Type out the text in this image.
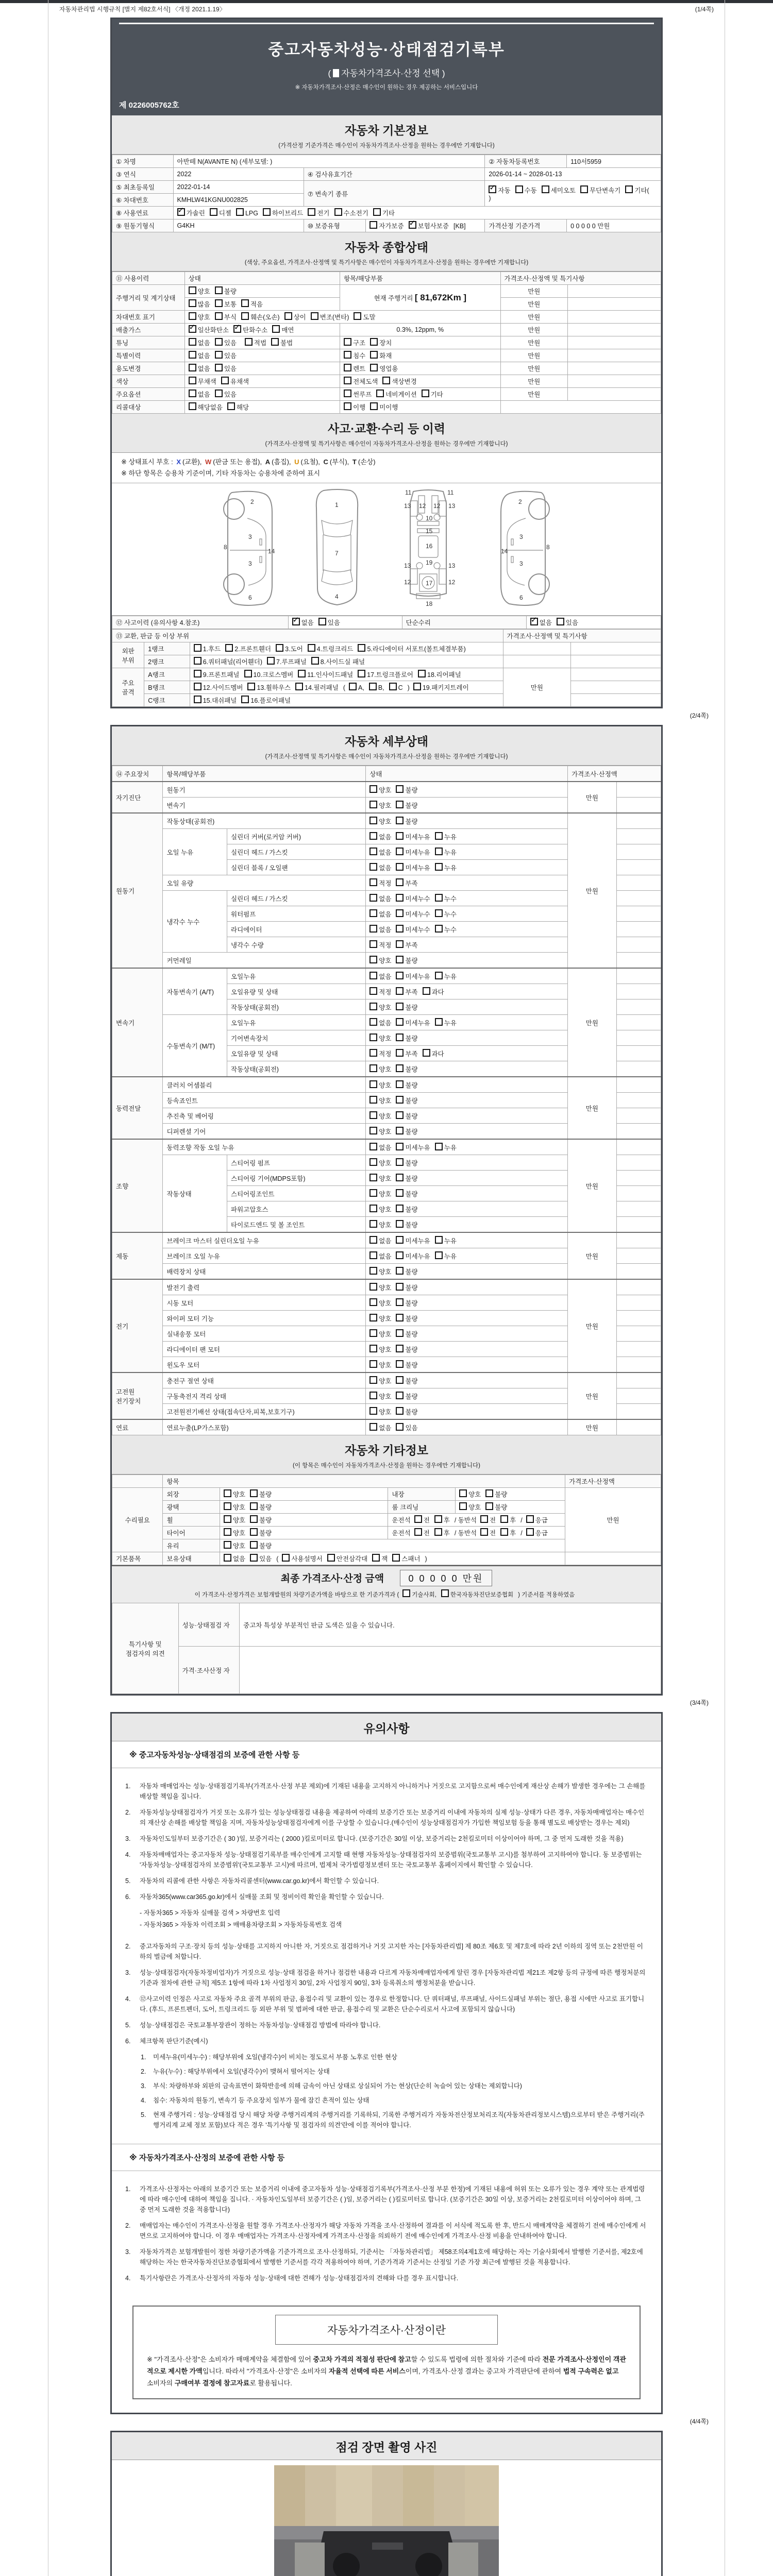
자동차관리법 시행규칙 [별지 제82호서식] 〈개정 2021.1.19〉	(1/4쪽)
중고자동차성능·상태점검기록부
( 자동차가격조사·산정 선택 )
※ 자동차가격조사·산정은 매수인이 원하는 경우 제공하는 서비스입니다
제 0226005762호
자동차 기본정보
(가격산정 기준가격은 매수인이 자동차가격조사·산정을 원하는 경우에만 기재합니다)
① 차명	아반떼 N(AVANTE N) (세부모델: )			② 자동차등록번호	110서5959
③ 연식	2022	④ 검사유효기간		2026-01-14 ~ 2028-01-13	
⑤ 최초등록일	2022-01-14	⑦ 변속기 종류	✓자동 수동 세미오토 무단변속기 기타( )
⑥ 차대번호	KMHLW41KGNU002825				
⑧ 사용연료	✓가솔린 디젤 LPG 하이브리드 전기 수소전기 기타
⑨ 원동기형식	G4KH	⑩ 보증유형	자가보증 ✓ 보험사보증 [KB]	가격산정 기준가격	0 0 0 0 0 만원
자동차 종합상태
(색상, 주요옵션, 가격조사·산정액 및 특기사항은 매수인이 자동차가격조사·산정을 원하는 경우에만 기재합니다)
⑪ 사용이력	상태	항목/해당부품	가격조사·산정액 및 특기사항	
주행거리 및 계기상태	양호 불량	현재 주행거리 [ 81,672Km ]	만원	
	많음 보통 적음		만원	
차대번호 표기	양호 부식 훼손(오손) 상이 변조(변타) 도말		만원	
배출가스	✓일산화탄소 ✓ 탄화수소 매연	0.3%, 12ppm, %	만원	
튜닝	없음 있음 적법 불법	구조 장치	만원	
특별이력	없음 있음	침수 화재	만원	
용도변경	없음 있음	렌트 영업용	만원	
색상	무채색 유채색	전체도색 색상변경	만원	
주요옵션	없음 있음	썬루프 네비게이션 기타	만원	
리콜대상	해당없음 해당	이행 미이행		
사고·교환·수리 등 이력
(가격조사·산정액 및 특기사항은 매수인이 자동차가격조사·산정을 원하는 경우에만 기재합니다)
※ 상태표시 부호 : X (교환), W (판금 또는 용접), A (흠집), U (요철), C (부식), T (손상)
※ 하단 항목은 승용차 기준이며, 기타 자동차는 승용차에 준하여 표시
2
3
14
3
8
6
1
7
4
11	11
13 12 12 13
10
15
16
13 19	13
12 17	12
18
2
3
14
3
8
6
⑫ 사고이력 (유의사항 4.참조)	✓없음 있음	단순수리	✓없음 있음
⑬ 교환, 판금 등 이상 부위			가격조사·산정액 및 특기사항	
외판 부위	1랭크	1.후드 2.프론트휀더 3.도어 4.트렁크리드 5.라디에이터 서포트(볼트체결부품)		
	2랭크	6.쿼터패널(리어휀더) 7.루프패널 8.사이드실 패널		
주요 골격	A랭크	9.프론트패널 10.크로스멤버 11.인사이드패널 17.트렁크플로어 18.리어패널	만원	
	B랭크	12.사이드멤버 13.휠하우스 14.필러패널 ( A, B, C ) 19.패키지트레이		
	C랭크	15.대쉬패널 16.플로어패널		
(2/4쪽)
자동차 세부상태
(가격조사·산정액 및 특기사항은 매수인이 자동차가격조사·산정을 원하는 경우에만 기재합니다)
⑭ 주요장치	항목/해당부품		상태	가격조사·산정액	
자기진단	원동기		양호 불량	만원	
	변속기		양호 불량		
원동기	작동상태(공회전)		양호 불량	만원	
	오일 누유	실린더 커버(로커암 커버)	없음 미세누유 누유		
		실린더 헤드 / 가스킷	없음 미세누유 누유		
		실린더 블록 / 오일팬	없음 미세누유 누유		
	오일 유량		적정 부족		
	냉각수 누수	실린더 헤드 / 가스킷	없음 미세누수 누수		
		워터펌프	없음 미세누수 누수		
		라디에이터	없음 미세누수 누수		
		냉각수 수량	적정 부족		
	커먼레일		양호 불량		
변속기	자동변속기 (A/T)	오일누유	없음 미세누유 누유	만원	
		오일유량 및 상태	적정 부족 과다		
		작동상태(공회전)	양호 불량		
	수동변속기 (M/T)	오일누유	없음 미세누유 누유		
		기어변속장치	양호 불량		
		오일유량 및 상태	적정 부족 과다		
		작동상태(공회전)	양호 불량		
동력전달	클러치 어셈블리		양호 불량	만원	
	등속죠인트		양호 불량		
	추진축 및 베어링		양호 불량		
	디퍼렌셜 기어		양호 불량		
조향	동력조향 작동 오일 누유		없음 미세누유 누유	만원	
	작동상태	스티어링 펌프	양호 불량		
		스티어링 기어(MDPS포함)	양호 불량		
		스티어링조인트	양호 불량		
		파워고압호스	양호 불량		
		타이로드엔드 및 볼 조인트	양호 불량		
제동	브레이크 마스터 실린더오일 누유		없음 미세누유 누유	만원	
	브레이크 오일 누유		없음 미세누유 누유		
	배력장치 상태		양호 불량		
전기	발전기 출력		양호 불량	만원	
	시동 모터		양호 불량		
	와이퍼 모터 기능		양호 불량		
	실내송풍 모터		양호 불량		
	라디에이터 팬 모터		양호 불량		
	윈도우 모터		양호 불량		
고전원 전기장치	충전구 절연 상태		양호 불량	만원	
	구동축전지 격리 상태		양호 불량		
	고전원전기배선 상태(접속단자,피복,보호기구)		양호 불량		
연료	연료누출(LP가스포함)		없음 있음	만원	
자동차 기타정보
(이 항목은 매수인이 자동차가격조사·산정을 원하는 경우에만 기재합니다)
	항목				가격조사·산정액
수리필요	외장	양호 불량	내장	양호 불량	만원
	광택	양호 불량	룸 크리닝	양호 불량	
	휠	양호 불량	운전석 전 후 / 동반석 전 후 / 응급		
	타이어	양호 불량	운전석 전 후 / 동반석 전 후 / 응급		
	유리	양호 불량			
기본품목	보유상태	없음 있음 ( 사용설명서 안전삼각대 잭 스패너 )			
최종 가격조사·산정 금액	0 0 0 0 0 만원
이 가격조사·산정가격은 보험개발원의 차량기준가액을 바탕으로 한 기준가격과 ( 기술사회, 한국자동차진단보증협회 ) 기준서를 적용하였음
특기사항 및 점검자의 의견	성능·상태점검 자	중고차 특성상 부분적인 판금 도색은 있을 수 있습니다.
	가격·조사산정 자	
(3/4쪽)
유의사항
※ 중고자동차성능·상태점검의 보증에 관한 사항 등
1.	자동차 매매업자는 성능·상태점검기록부(가격조사·산정 부분 제외)에 기재된 내용을 고지하지 아니하거나 거짓으로 고지함으로써 매수인에게 재산상 손해가 발생한 경우에는 그 손해를 배상할 책임을 집니다.
2.	자동차성능상태점검자가 거짓 또는 오류가 있는 성능상태점검 내용을 제공하여 아래의 보증기간 또는 보증거리 이내에 자동차의 실제 성능·상태가 다른 경우, 자동차매매업자는 매수인의 재산상 손해를 배상할 책임을 지며, 자동차성능상태점검자에게 이를 구상할 수 있습니다.(매수인이 성능상태점검자가 가입한 책임보험 등을 통해 별도로 배상받는 경우는 제외)
3.	자동차인도일부터 보증기간은 ( 30 )일, 보증거리는 ( 2000 )킬로미터로 합니다. (보증기간은 30일 이상, 보증거리는 2천킬로미터 이상이어야 하며, 그 중 먼저 도래한 것을 적용)
4.	자동차매매업자는 중고자동차 성능·상태점검기록부를 매수인에게 고지할 때 현행 자동차성능·상태점검자의 보증범위(국토교통부 고시)를 첨부하여 고지하여야 합니다. 동 보증범위는 '자동차성능·상태점검자의 보증범위'(국토교통부 고시)에 따르며, 법제처 국가법령정보센터 또는 국토교통부 홈페이지에서 확인할 수 있습니다.
5.	자동차의 리콜에 관한 사항은 자동차리콜센터(www.car.go.kr)에서 확인할 수 있습니다.
6.	자동차365(www.car365.go.kr)에서 실매물 조회 및 정비이력 확인을 확인할 수 있습니다.
- 자동차365 > 자동차 실매물 검색 > 차량번호 입력
- 자동차365 > 자동차 이력조회 > 매매용차량조회 > 자동차등록번호 검색
2.	중고자동차의 구조·장치 등의 성능·상태를 고지하지 아니한 자, 거짓으로 점검하거나 거짓 고지한 자는 [자동차관리법] 제 80조 제6호 및 제7호에 따라 2년 이하의 징역 또는 2천만원 이하의 벌금에 처합니다.
3.	성능·상태점검자(자동차정비업자)가 거짓으로 성능·상태 점검을 하거나 점검한 내용과 다르게 자동차매매업자에게 알린 경우 [자동차관리법 제21조 제2항 등의 규정에 따른 행정처분의 기준과 절차에 관한 규칙] 제5조 1항에 따라 1차 사업정지 30일, 2차 사업정지 90일, 3차 등록취소의 행정처분을 받습니다.
4.	⑫사고이력 인정은 사고로 자동차 주요 골격 부위의 판금, 용접수리 및 교환이 있는 경우로 한정합니다. 단 쿼터패널, 루프패널, 사이드실패널 부위는 절단, 용접 시에만 사고로 표기합니다. (후드, 프론트펜더, 도어, 트렁크리드 등 외판 부위 및 범퍼에 대한 판금, 용접수리 및 교환은 단순수리로서 사고에 포함되지 않습니다)
5.	성능·상태점검은 국토교통부장관이 정하는 자동차성능·상태점검 방법에 따라야 합니다.
6.	체크항목 판단기준(예시)
1.	미세누유(미세누수) : 해당부위에 오일(냉각수)이 비치는 정도로서 부품 노후로 인한 현상
2.	누유(누수) : 해당부위에서 오일(냉각수)이 맺혀서 떨어지는 상태
3.	부식: 차량하부와 외판의 금속표면이 화학반응에 의해 금속이 아닌 상태로 상실되어 가는 현상(단순히 녹슬어 있는 상태는 제외합니다)
4.	침수: 자동차의 원동기, 변속기 등 주요장치 일부가 물에 잠긴 흔적이 있는 상태
5.	현재 주행거리 : 성능·상태점검 당시 해당 차량 주행거리계의 주행거리를 기록하되, 기록한 주행거리가 자동차전산정보처리조직(자동차관리정보시스템)으로부터 받은 주행거리(주행거리계 교체 정보 포함)보다 적은 경우 '특기사항 및 점검자의 의견'란에 이를 적어야 합니다.
※ 자동차가격조사·산정의 보증에 관한 사항 등
1.	가격조사·산정자는 아래의 보증기간 또는 보증거리 이내에 중고자동차 성능·상태점검기록부(가격조사·산정 부분 한정)에 기재된 내용에 허위 또는 오류가 있는 경우 계약 또는 관계법령에 따라 매수인에 대하여 책임을 집니다. · 자동차인도일부터 보증기간은 ( )일, 보증거리는 ( )킬로미터로 합니다. (보증기간은 30일 이상, 보증거리는 2천킬로미터 이상이어야 하며, 그 중 먼저 도래한 것을 적용합니다)
2.	매매업자는 매수인이 가격조사·산정을 원할 경우 가격조사·산정자가 해당 자동차 가격을 조사·산정하여 결과를 이 서식에 적도록 한 후, 반드시 매매계약을 체결하기 전에 매수인에게 서면으로 고지하여야 합니다. 이 경우 매매업자는 가격조사·산정자에게 가격조사·산정을 의뢰하기 전에 매수인에게 가격조사·산정 비용을 안내하여야 합니다.
3.	자동차가격은 보험개발원이 정한 차량기준가액을 기준가격으로 조사·산정하되, 기준서는 「자동차관리법」 제58조의4제1호에 해당하는 자는 기술사회에서 발행한 기준서를, 제2호에 해당하는 자는 한국자동차진단보증협회에서 발행한 기준서를 각각 적용하여야 하며, 기준가격과 기준서는 산정일 기준 가장 최근에 발행된 것을 적용합니다.
4.	특기사항란은 가격조사·산정자의 자동차 성능·상태에 대한 견해가 성능·상태점검자의 견해와 다를 경우 표시합니다.
자동차가격조사·산정이란
※ "가격조사·산정"은 소비자가 매매계약을 체결함에 있어 중고차 가격의 적절성 판단에 참고할 수 있도록 법령에 의한 절차와 기준에 따라 전문 가격조사·산정인이 객관적으로 제시한 가액입니다. 따라서 "가격조사·산정"은 소비자의 자율적 선택에 따른 서비스이며, 가격조사·산정 결과는 중고차 가격판단에 관하여 법적 구속력은 없고 소비자의 구매여부 결정에 참고자료로 활용됩니다.
(4/4쪽)
점검 장면 촬영 사진
